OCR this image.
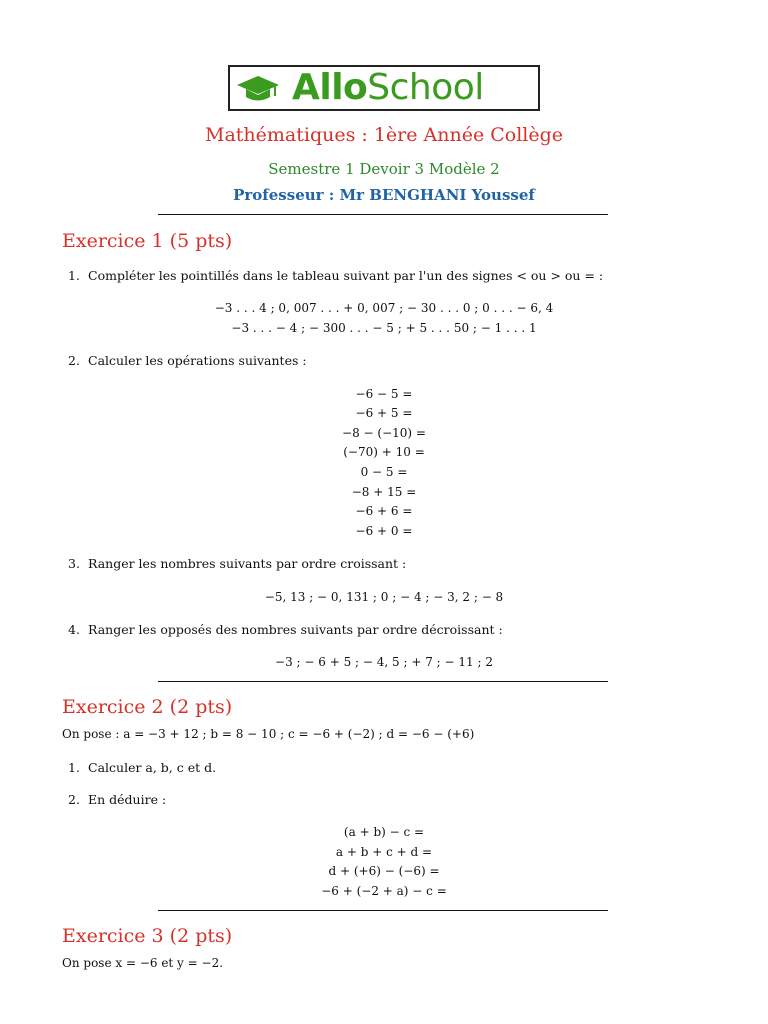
AlloSchool
Mathématiques : 1ère Année Collège
Semestre 1 Devoir 3 Modèle 2
Professeur : Mr BENGHANI Youssef
Exercice 1 (5 pts)
1. Compléter les pointillés dans le tableau suivant par l'un des signes < ou > ou = :
−3 . . . 4 ; 0, 007 . . . + 0, 007 ; − 30 . . . 0 ; 0 . . . − 6, 4
−3 . . . − 4 ; − 300 . . . − 5 ; + 5 . . . 50 ; − 1 . . . 1
2. Calculer les opérations suivantes :
−6 − 5 =
−6 + 5 =
−8 − (−10) =
(−70) + 10 =
0 − 5 =
−8 + 15 =
−6 + 6 =
−6 + 0 =
3. Ranger les nombres suivants par ordre croissant :
−5, 13 ; − 0, 131 ; 0 ; − 4 ; − 3, 2 ; − 8
4. Ranger les opposés des nombres suivants par ordre décroissant :
−3 ; − 6 + 5 ; − 4, 5 ; + 7 ; − 11 ; 2
Exercice 2 (2 pts)
On pose : a = −3 + 12 ; b = 8 − 10 ; c = −6 + (−2) ; d = −6 − (+6)
1. Calculer a, b, c et d.
2. En déduire :
(a + b) − c =
a + b + c + d =
d + (+6) − (−6) =
−6 + (−2 + a) − c =
Exercice 3 (2 pts)
On pose x = −6 et y = −2.
